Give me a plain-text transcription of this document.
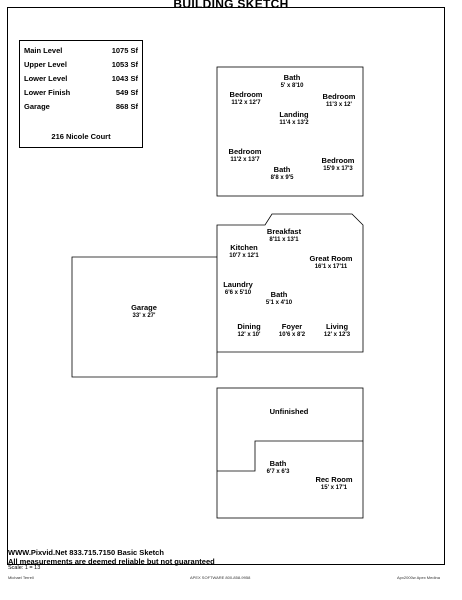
BUILDING SKETCH
Main Level	1075 Sf
Upper Level	1053 Sf
Lower Level	1043 Sf
Lower Finish	549 Sf
Garage	868 Sf
216 Nicole Court
Bath
5' x 8'10
Bedroom
11'2 x 12'7
Bedroom
11'3 x 12'
Landing
11'4 x 13'2
Bedroom
11'2 x 13'7	Bedroom
15'9 x 17'3
Bath
8'8 x 9'5
Breakfast
8'11 x 13'1
Kitchen
10'7 x 12'1	Great Room
16'1 x 17'11
Laundry
6'6 x 5'10	Bath
5'1 x 4'10
Garage
33' x 27'
Dining
12' x 10'
Foyer
10'6 x 8'2
Living
12' x 12'3
Unfinished
Bath
6'7 x 6'3
Rec Room
15' x 17'1
WWW.Pixvid.Net 833.715.7150 Basic Sketch
All measurements are deemed reliable but not guaranteed
Scale: 1 = 13
Michael Terrell	APEX SOFTWARE 800-858-9958	Apx2000w Apex Medina
